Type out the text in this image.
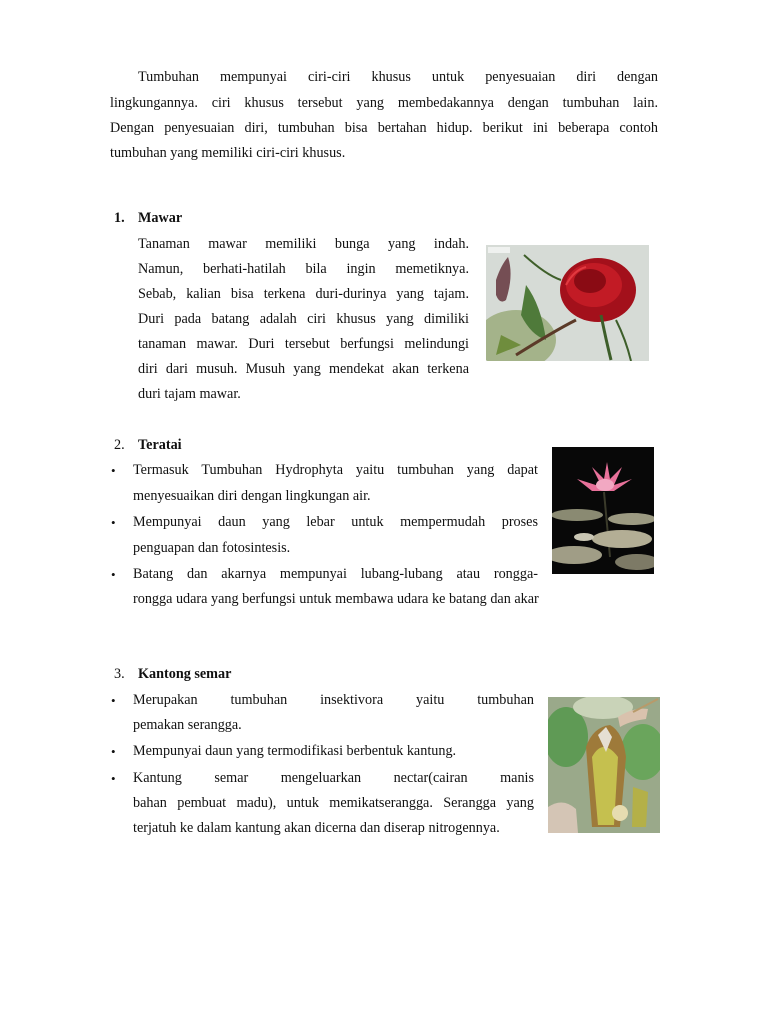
Tumbuhan mempunyai ciri-ciri khusus untuk penyesuaian diri dengan
lingkungannya. ciri khusus tersebut yang membedakannya dengan tumbuhan lain.
Dengan penyesuaian diri, tumbuhan bisa bertahan hidup. berikut ini beberapa contoh
tumbuhan yang memiliki ciri-ciri khusus.
1. Mawar
Tanaman mawar memiliki bunga yang indah.
Namun, berhati-hatilah bila ingin memetiknya.
Sebab, kalian bisa terkena duri-durinya yang tajam.
Duri pada batang adalah ciri khusus yang dimiliki
tanaman mawar. Duri tersebut berfungsi melindungi
diri dari musuh. Musuh yang mendekat akan terkena
duri tajam mawar.
2. Teratai
• Termasuk Tumbuhan Hydrophyta yaitu tumbuhan yang dapat
menyesuaikan diri dengan lingkungan air.
• Mempunyai daun yang lebar untuk mempermudah proses
penguapan dan fotosintesis.
• Batang dan akarnya mempunyai lubang-lubang atau rongga-
rongga udara yang berfungsi untuk membawa udara ke batang dan akar
3. Kantong semar
• Merupakan tumbuhan insektivora yaitu tumbuhan
pemakan serangga.
• Mempunyai daun yang termodifikasi berbentuk kantung.
• Kantung semar mengeluarkan nectar(cairan manis
bahan pembuat madu), untuk memikatserangga. Serangga yang
terjatuh ke dalam kantung akan dicerna dan diserap nitrogennya.
